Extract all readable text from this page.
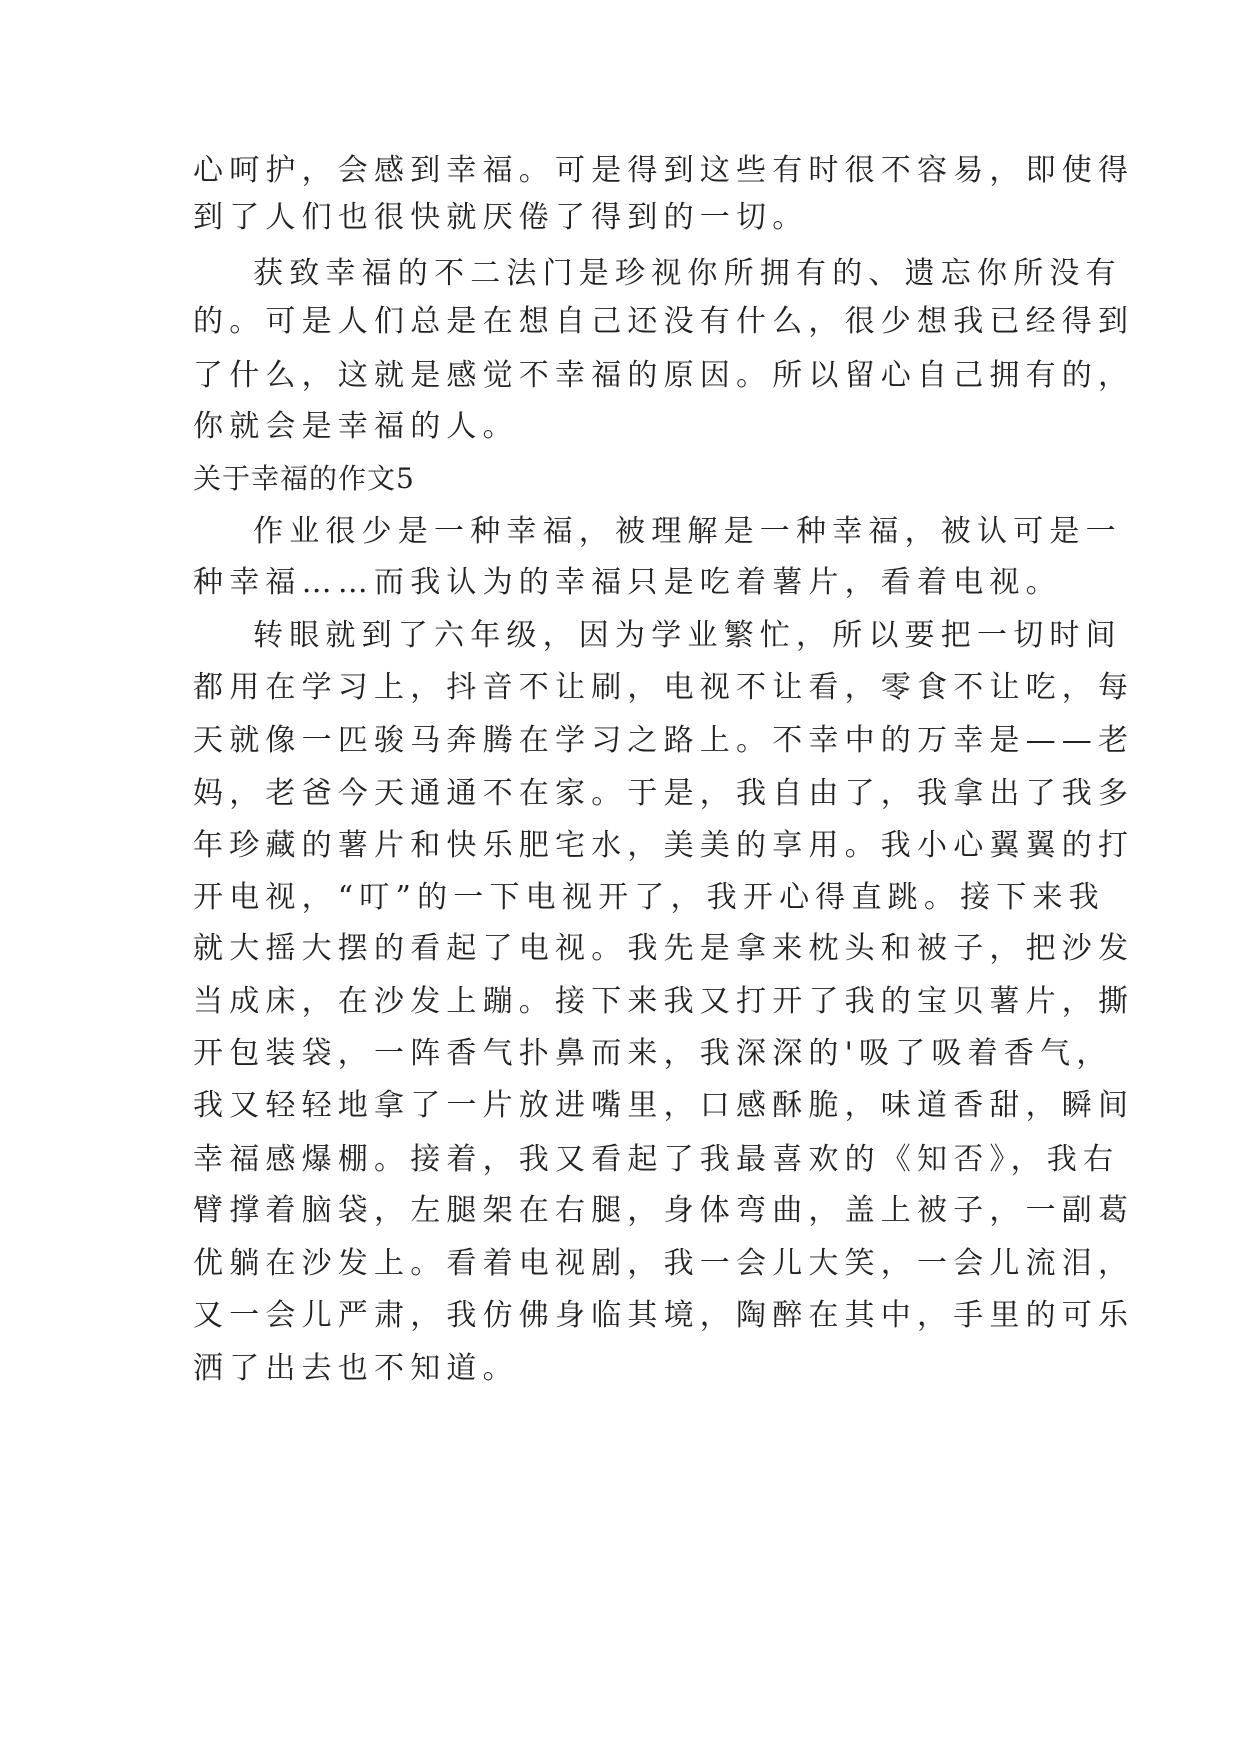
心呵护，会感到幸福。可是得到这些有时很不容易，即使得
到了人们也很快就厌倦了得到的一切。
获致幸福的不二法门是珍视你所拥有的、遗忘你所没有
的。可是人们总是在想自己还没有什么，很少想我已经得到
了什么，这就是感觉不幸福的原因。所以留心自己拥有的，
你就会是幸福的人。
关于幸福的作文5
作业很少是一种幸福，被理解是一种幸福，被认可是一
种幸福……而我认为的幸福只是吃着薯片，看着电视。
转眼就到了六年级，因为学业繁忙，所以要把一切时间
都用在学习上，抖音不让刷，电视不让看，零食不让吃，每
天就像一匹骏马奔腾在学习之路上。不幸中的万幸是——老
妈，老爸今天通通不在家。于是，我自由了，我拿出了我多
年珍藏的薯片和快乐肥宅水，美美的享用。我小心翼翼的打
开电视，“叮”的一下电视开了，我开心得直跳。接下来我
就大摇大摆的看起了电视。我先是拿来枕头和被子，把沙发
当成床，在沙发上蹦。接下来我又打开了我的宝贝薯片，撕
开包装袋，一阵香气扑鼻而来，我深深的'吸了吸着香气，
我又轻轻地拿了一片放进嘴里，口感酥脆，味道香甜，瞬间
幸福感爆棚。接着，我又看起了我最喜欢的《知否》，我右
臂撑着脑袋，左腿架在右腿，身体弯曲，盖上被子，一副葛
优躺在沙发上。看着电视剧，我一会儿大笑，一会儿流泪，
又一会儿严肃，我仿佛身临其境，陶醉在其中，手里的可乐
洒了出去也不知道。
